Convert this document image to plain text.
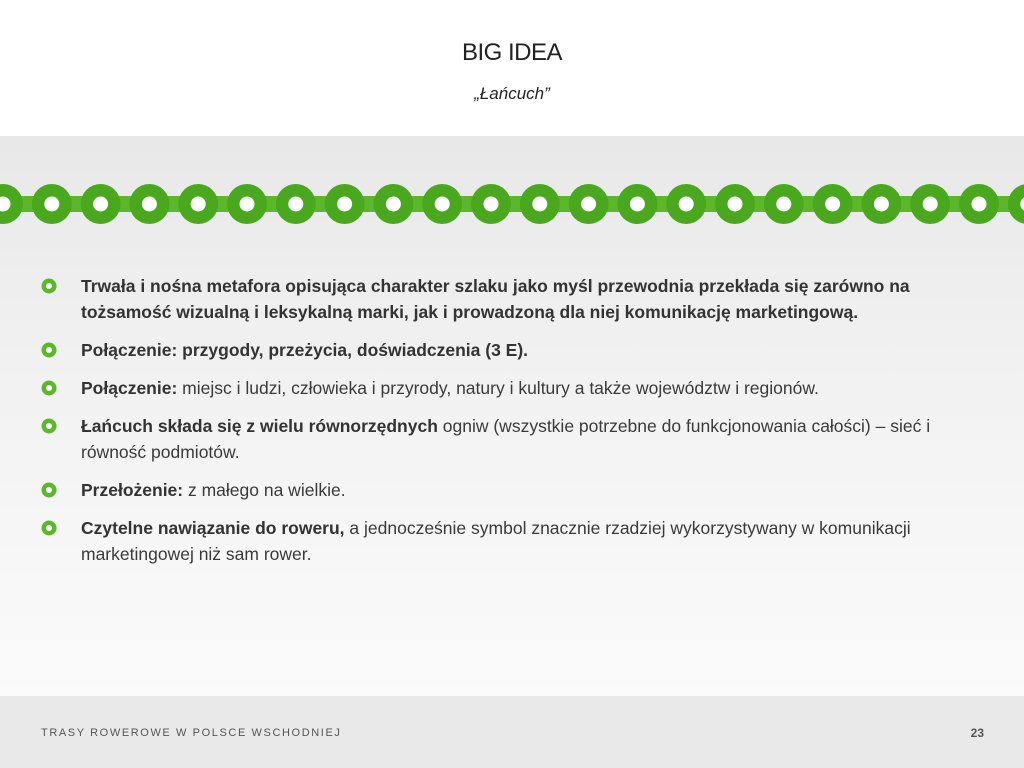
BIG IDEA
„Łańcuch”
Trwała i nośna metafora opisująca charakter szlaku jako myśl przewodnia przekłada się zarówno na tożsamość wizualną i leksykalną marki, jak i prowadzoną dla niej komunikację marketingową.
Połączenie: przygody, przeżycia, doświadczenia (3 E).
Połączenie: miejsc i ludzi, człowieka i przyrody, natury i kultury a także województw i regionów.
Łańcuch składa się z wielu równorzędnych ogniw (wszystkie potrzebne do funkcjonowania całości) – sieć i równość podmiotów.
Przełożenie: z małego na wielkie.
Czytelne nawiązanie do roweru, a jednocześnie symbol znacznie rzadziej wykorzystywany w komunikacji marketingowej niż sam rower.
TRASY ROWEROWE W POLSCE WSCHODNIEJ	23
